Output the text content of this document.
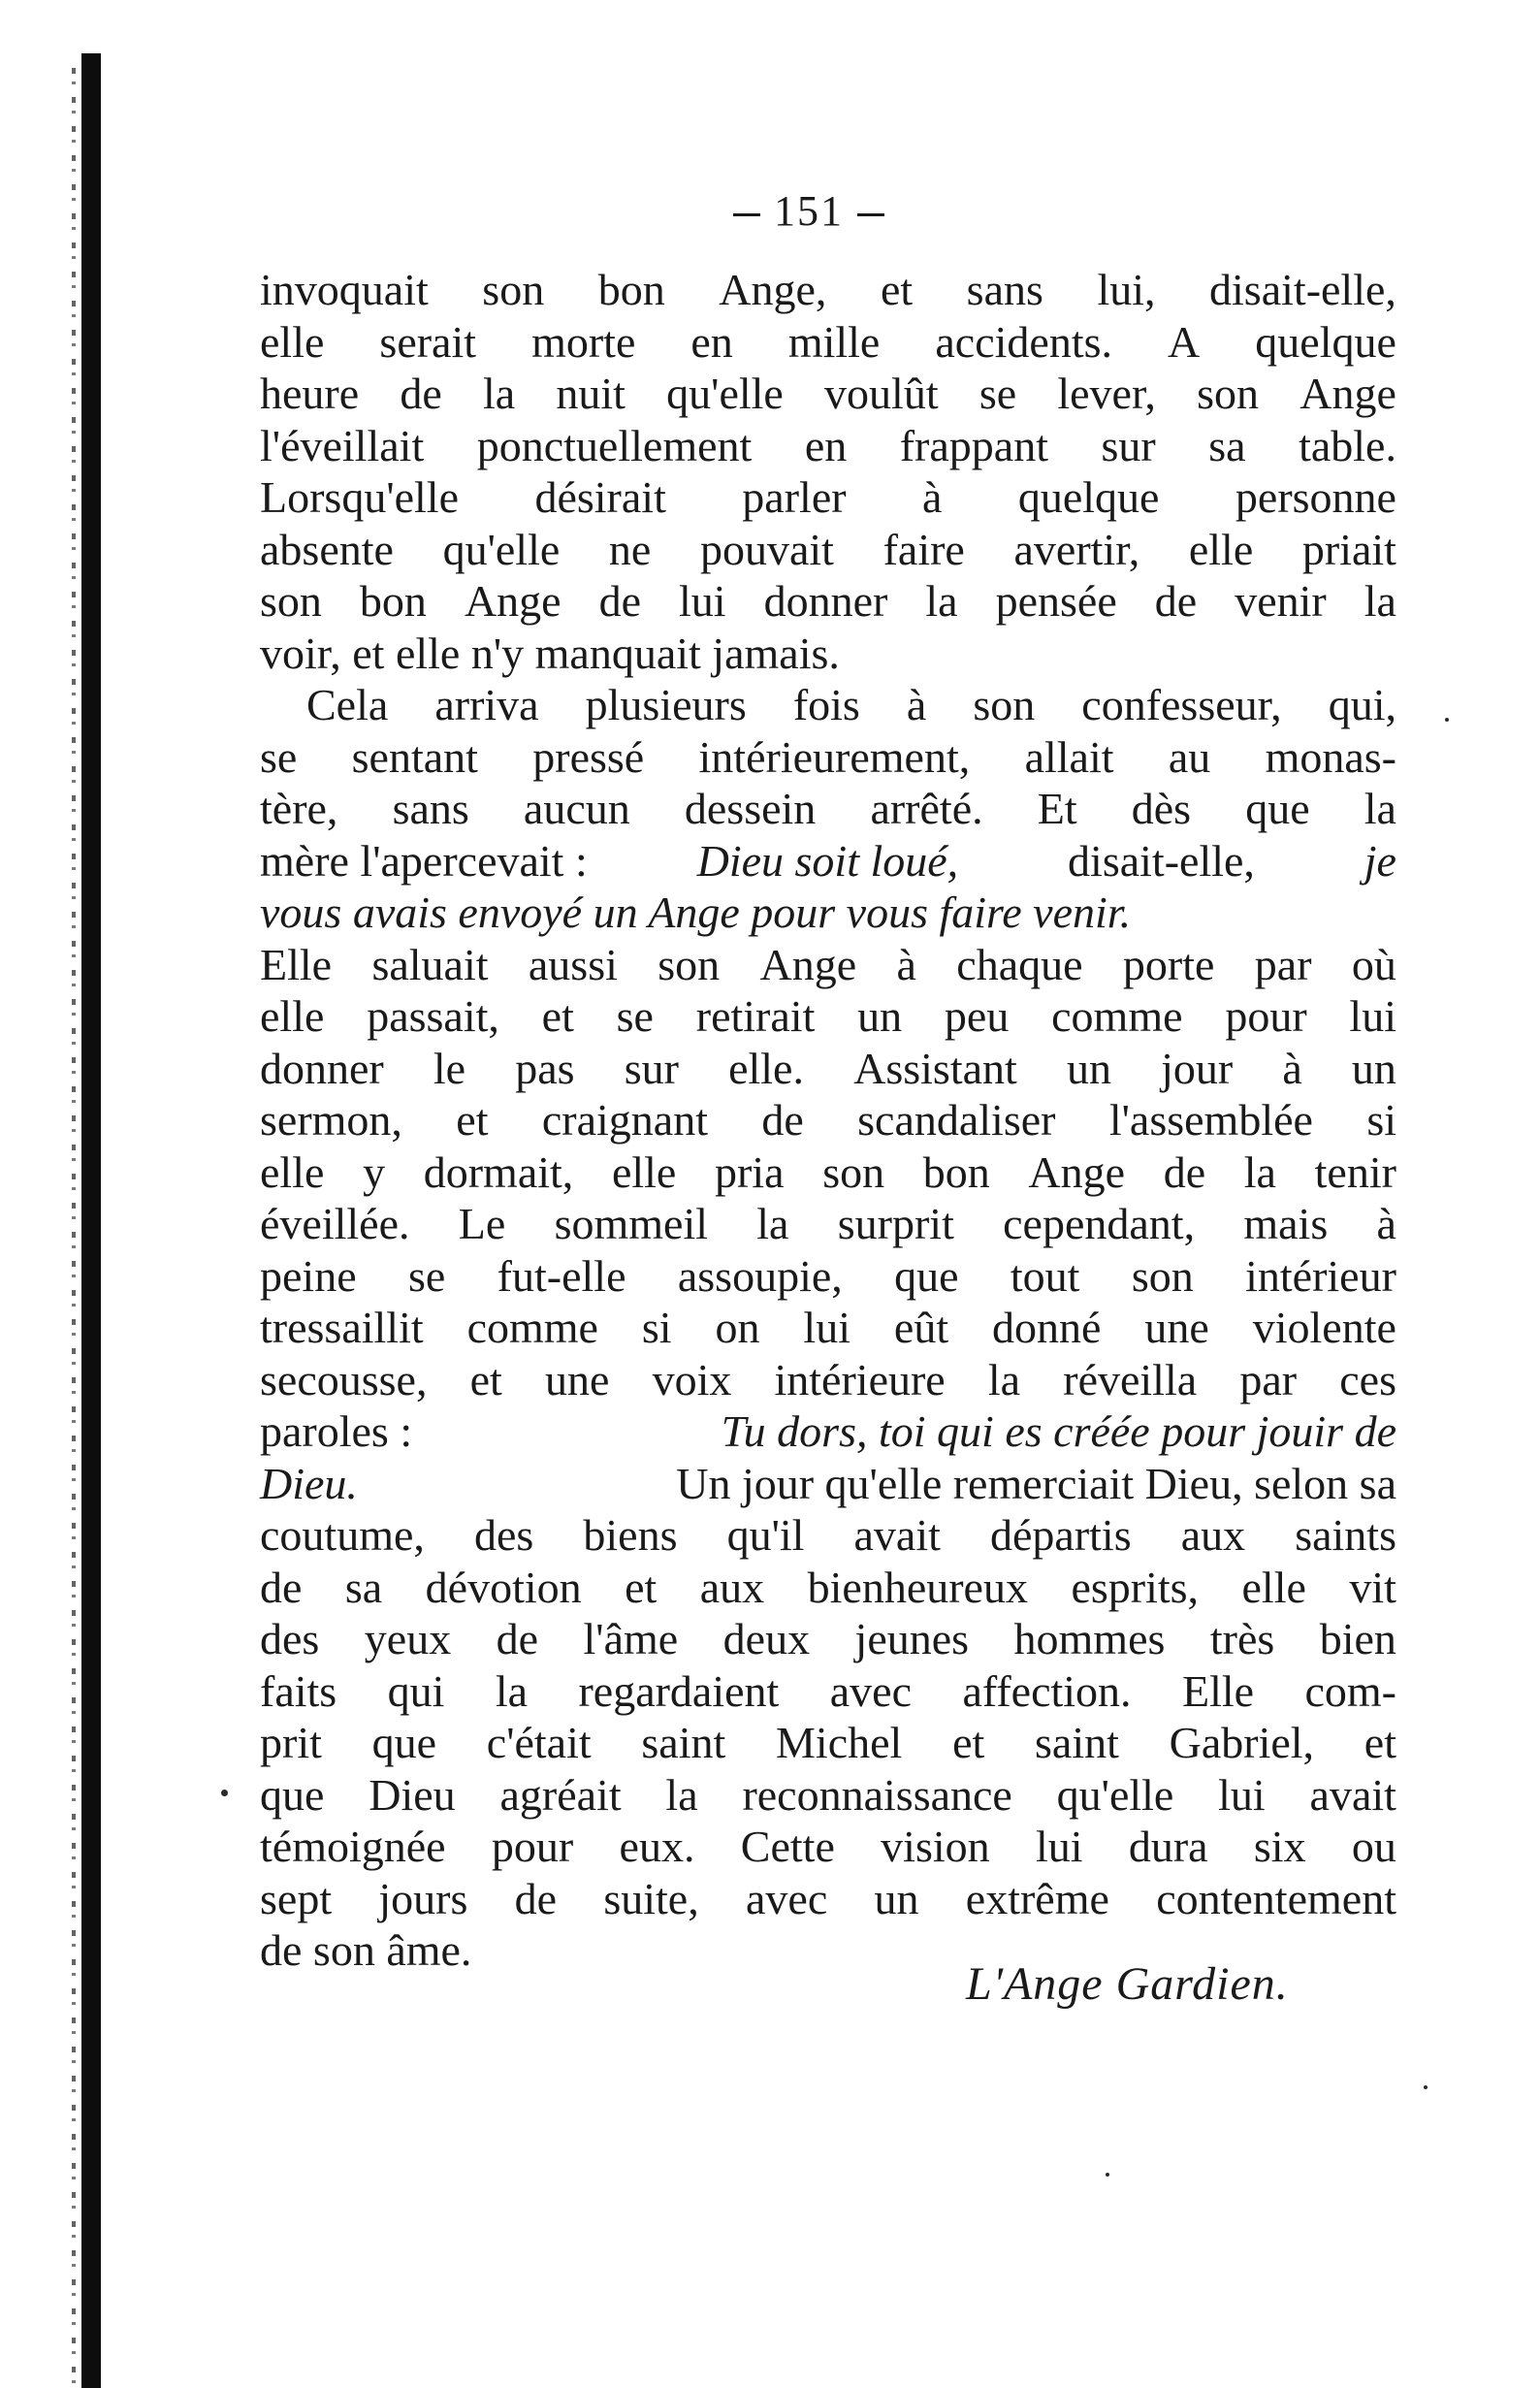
151
invoquait son bon Ange, et sans lui, disait-elle,
elle serait morte en mille accidents. A quelque
heure de la nuit qu'elle voulût se lever, son Ange
l'éveillait ponctuellement en frappant sur sa table.
Lorsqu'elle désirait parler à quelque personne
absente qu'elle ne pouvait faire avertir, elle priait
son bon Ange de lui donner la pensée de venir la
voir, et elle n'y manquait jamais.
Cela arriva plusieurs fois à son confesseur, qui,
se sentant pressé intérieurement, allait au monas-
tère, sans aucun dessein arrêté. Et dès que la
mère l'apercevait : Dieu soit loué, disait-elle, je
vous avais envoyé un Ange pour vous faire venir.
Elle saluait aussi son Ange à chaque porte par où
elle passait, et se retirait un peu comme pour lui
donner le pas sur elle. Assistant un jour à un
sermon, et craignant de scandaliser l'assemblée si
elle y dormait, elle pria son bon Ange de la tenir
éveillée. Le sommeil la surprit cependant, mais à
peine se fut-elle assoupie, que tout son intérieur
tressaillit comme si on lui eût donné une violente
secousse, et une voix intérieure la réveilla par ces
paroles :	Tu dors, toi qui es créée pour jouir de
Dieu.	Un jour qu'elle remerciait Dieu, selon sa
coutume, des biens qu'il avait départis aux saints
de sa dévotion et aux bienheureux esprits, elle vit
des yeux de l'âme deux jeunes hommes très bien
faits qui la regardaient avec affection. Elle com-
prit que c'était saint Michel et saint Gabriel, et
que Dieu agréait la reconnaissance qu'elle lui avait
témoignée pour eux. Cette vision lui dura six ou
sept jours de suite, avec un extrême contentement
de son âme.
L'Ange Gardien.
